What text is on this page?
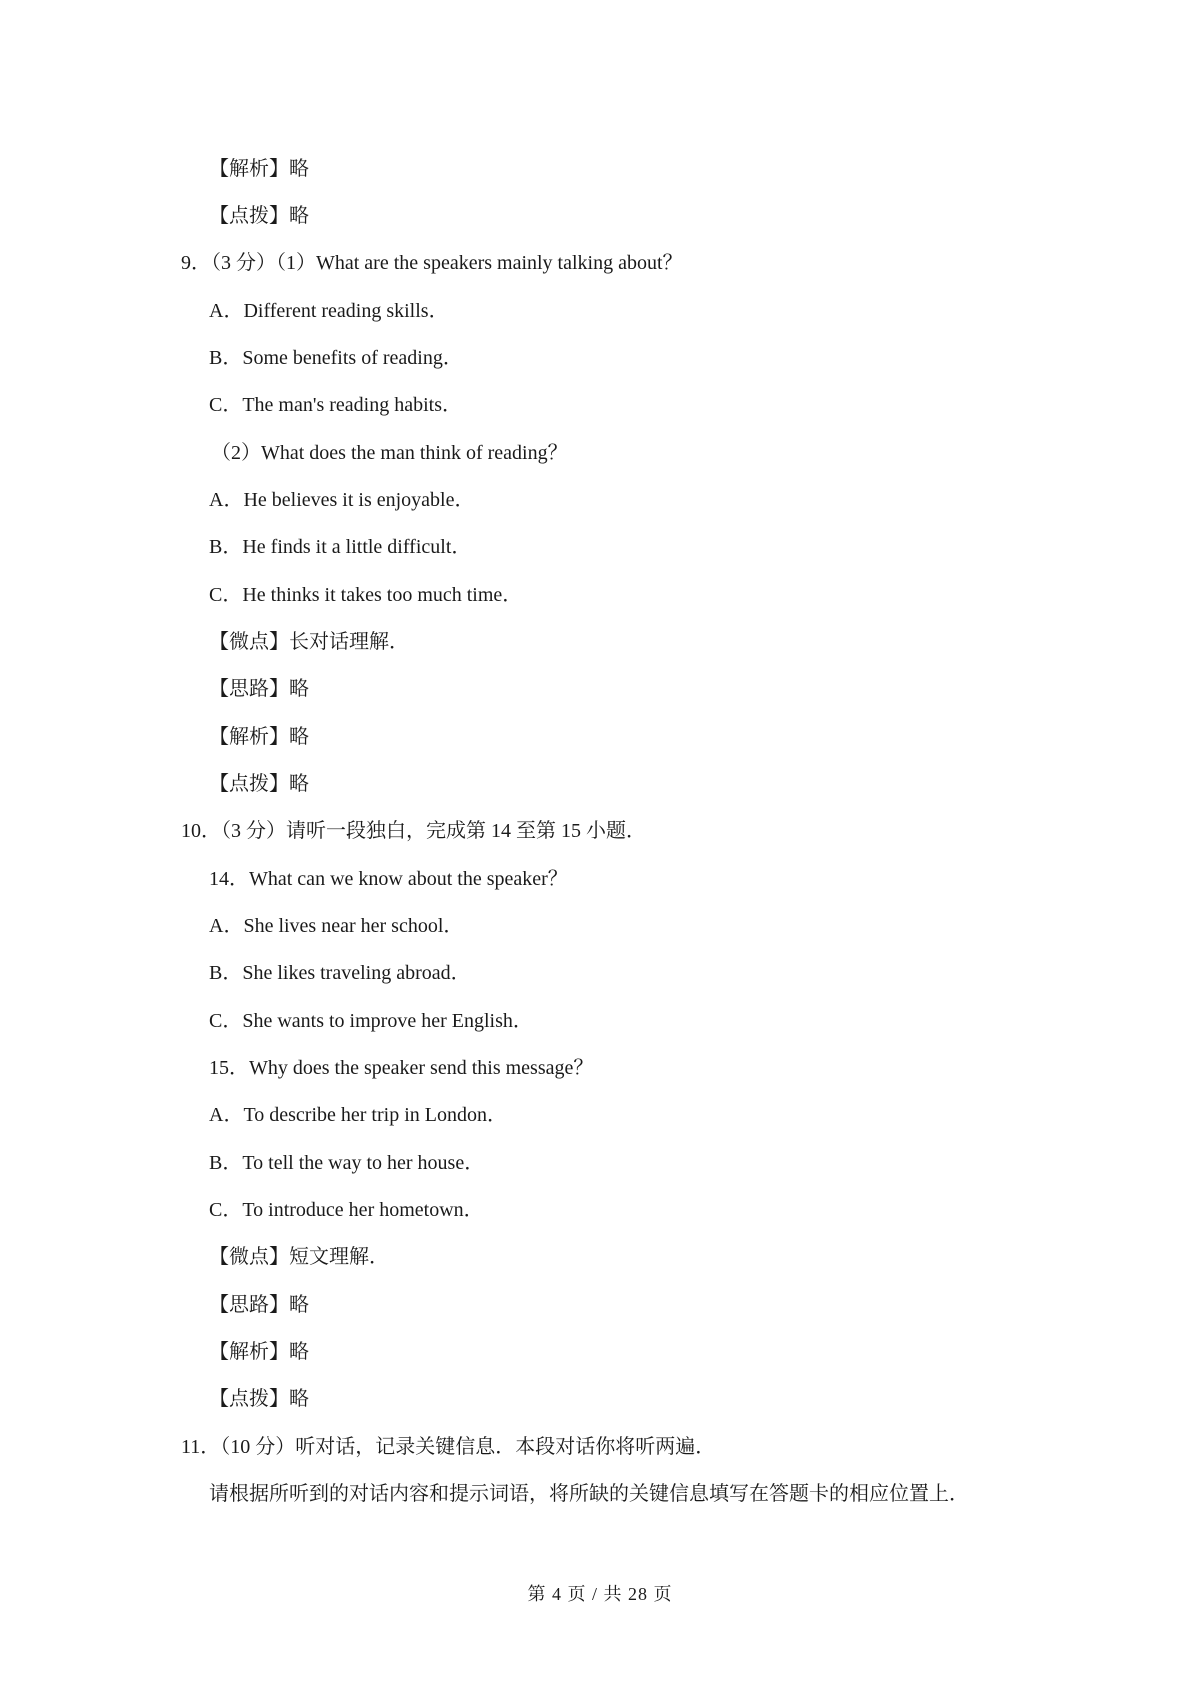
【解析】略
【点拨】略
9．（3 分）（1）What are the speakers mainly talking about？
A．Different reading skills．
B．Some benefits of reading．
C．The man's reading habits．
（2）What does the man think of reading？
A．He believes it is enjoyable．
B．He finds it a little difficult．
C．He thinks it takes too much time．
【微点】长对话理解．
【思路】略
【解析】略
【点拨】略
10．（3 分）请听一段独白，完成第 14 至第 15 小题．
14．What can we know about the speaker？
A．She lives near her school．
B．She likes traveling abroad．
C．She wants to improve her English．
15．Why does the speaker send this message？
A．To describe her trip in London．
B．To tell the way to her house．
C．To introduce her hometown．
【微点】短文理解．
【思路】略
【解析】略
【点拨】略
11．（10 分）听对话，记录关键信息．本段对话你将听两遍．
请根据所听到的对话内容和提示词语，将所缺的关键信息填写在答题卡的相应位置上．
第 4 页 / 共 28 页
